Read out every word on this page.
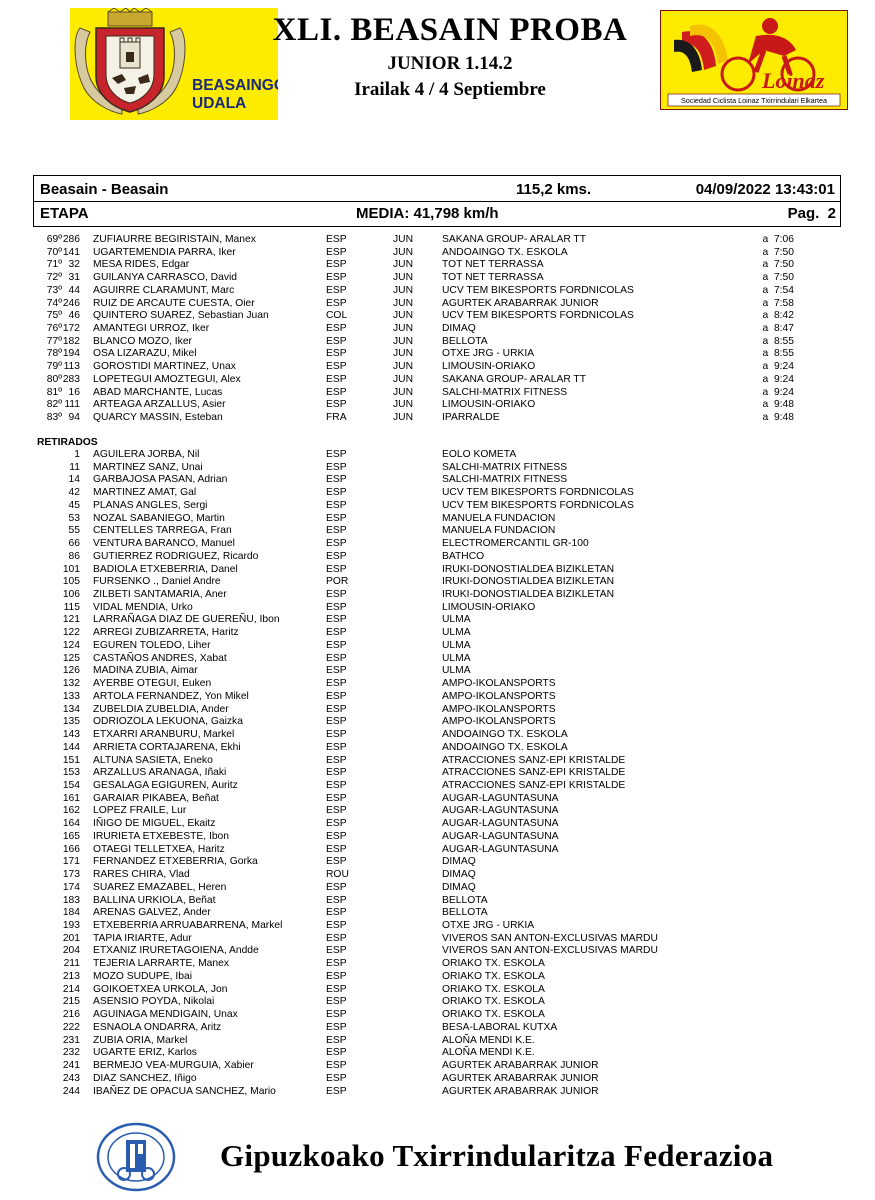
BEASAINGO
UDALA
XLI. BEASAIN PROBA
JUNIOR 1.14.2
Irailak 4 / 4 Septiembre	Loinaz
Sociedad Ciclista Loinaz Txirrindulari Elkartea
Beasain - Beasain	115,2 kms.	04/09/2022 13:43:01
ETAPA	MEDIA: 41,798 km/h	Pag.  2
69º 286 ZUFIAURRE BEGIRISTAIN, Manex	ESP	JUN	SAKANA GROUP- ARALAR TT	a  7:06
70º 141 UGARTEMENDIA PARRA, Iker	ESP	JUN	ANDOAINGO TX. ESKOLA	a  7:50
71º 32 MESA RIDES, Edgar	ESP	JUN	TOT NET TERRASSA	a  7:50
72º 31 GUILANYA CARRASCO, David	ESP	JUN	TOT NET TERRASSA	a  7:50
73º 44 AGUIRRE CLARAMUNT, Marc	ESP	JUN	UCV TEM BIKESPORTS FORDNICOLAS	a  7:54
74º 246 RUIZ DE ARCAUTE CUESTA, Oier	ESP	JUN	AGURTEK ARABARRAK JUNIOR	a  7:58
75º 46 QUINTERO SUAREZ, Sebastian Juan	COL	JUN	UCV TEM BIKESPORTS FORDNICOLAS	a  8:42
76º 172 AMANTEGI URROZ, Iker	ESP	JUN	DIMAQ	a  8:47
77º 182 BLANCO MOZO, Iker	ESP	JUN	BELLOTA	a  8:55
78º 194 OSA LIZARAZU, Mikel	ESP	JUN	OTXE JRG - URKIA	a  8:55
79º 113 GOROSTIDI MARTINEZ, Unax	ESP	JUN	LIMOUSIN-ORIAKO	a  9:24
80º 283 LOPETEGUI AMOZTEGUI, Alex	ESP	JUN	SAKANA GROUP- ARALAR TT	a  9:24
81º 16 ABAD MARCHANTE, Lucas	ESP	JUN	SALCHI-MATRIX FITNESS	a  9:24
82º 111 ARTEAGA ARZALLUS, Asier	ESP	JUN	LIMOUSIN-ORIAKO	a  9:48
83º 94 QUARCY MASSIN, Esteban	FRA	JUN	IPARRALDE	a  9:48
RETIRADOS
1 AGUILERA JORBA, Nil	ESP	EOLO KOMETA
11 MARTINEZ SANZ, Unai	ESP	SALCHI-MATRIX FITNESS
14 GARBAJOSA PASAN, Adrian	ESP	SALCHI-MATRIX FITNESS
42 MARTINEZ AMAT, Gal	ESP	UCV TEM BIKESPORTS FORDNICOLAS
45 PLANAS ANGLES, Sergi	ESP	UCV TEM BIKESPORTS FORDNICOLAS
53 NOZAL SABANIEGO, Martin	ESP	MANUELA FUNDACION
55 CENTELLES TARREGA, Fran	ESP	MANUELA FUNDACION
66 VENTURA BARANCO, Manuel	ESP	ELECTROMERCANTIL GR-100
86 GUTIERREZ RODRIGUEZ, Ricardo	ESP	BATHCO
101 BADIOLA ETXEBERRIA, Danel	ESP	IRUKI-DONOSTIALDEA BIZIKLETAN
105 FURSENKO ., Daniel Andre	POR	IRUKI-DONOSTIALDEA BIZIKLETAN
106 ZILBETI SANTAMARIA, Aner	ESP	IRUKI-DONOSTIALDEA BIZIKLETAN
115 VIDAL MENDIA, Urko	ESP	LIMOUSIN-ORIAKO
121 LARRAÑAGA DIAZ DE GUEREÑU, Ibon	ESP	ULMA
122 ARREGI ZUBIZARRETA, Haritz	ESP	ULMA
124 EGUREN TOLEDO, Liher	ESP	ULMA
125 CASTAÑOS ANDRES, Xabat	ESP	ULMA
126 MADINA ZUBIA, Aimar	ESP	ULMA
132 AYERBE OTEGUI, Euken	ESP	AMPO-IKOLANSPORTS
133 ARTOLA FERNANDEZ, Yon Mikel	ESP	AMPO-IKOLANSPORTS
134 ZUBELDIA ZUBELDIA, Ander	ESP	AMPO-IKOLANSPORTS
135 ODRIOZOLA LEKUONA, Gaizka	ESP	AMPO-IKOLANSPORTS
143 ETXARRI ARANBURU, Markel	ESP	ANDOAINGO TX. ESKOLA
144 ARRIETA CORTAJARENA, Ekhi	ESP	ANDOAINGO TX. ESKOLA
151 ALTUNA SASIETA, Eneko	ESP	ATRACCIONES SANZ-EPI KRISTALDE
153 ARZALLUS ARANAGA, Iñaki	ESP	ATRACCIONES SANZ-EPI KRISTALDE
154 GESALAGA EGIGUREN, Auritz	ESP	ATRACCIONES SANZ-EPI KRISTALDE
161 GARAIAR PIKABEA, Beñat	ESP	AUGAR-LAGUNTASUNA
162 LOPEZ FRAILE, Lur	ESP	AUGAR-LAGUNTASUNA
164 IÑIGO DE MIGUEL, Ekaitz	ESP	AUGAR-LAGUNTASUNA
165 IRURIETA ETXEBESTE, Ibon	ESP	AUGAR-LAGUNTASUNA
166 OTAEGI TELLETXEA, Haritz	ESP	AUGAR-LAGUNTASUNA
171 FERNANDEZ ETXEBERRIA, Gorka	ESP	DIMAQ
173 RARES CHIRA, Vlad	ROU	DIMAQ
174 SUAREZ EMAZABEL, Heren	ESP	DIMAQ
183 BALLINA URKIOLA, Beñat	ESP	BELLOTA
184 ARENAS GALVEZ, Ander	ESP	BELLOTA
193 ETXEBERRIA ARRUABARRENA, Markel	ESP	OTXE JRG - URKIA
201 TAPIA IRIARTE, Adur	ESP	VIVEROS SAN ANTON-EXCLUSIVAS MARDU
204 ETXANIZ IRURETAGOIENA, Andde	ESP	VIVEROS SAN ANTON-EXCLUSIVAS MARDU
211 TEJERIA LARRARTE, Manex	ESP	ORIAKO TX. ESKOLA
213 MOZO SUDUPE, Ibai	ESP	ORIAKO TX. ESKOLA
214 GOIKOETXEA URKOLA, Jon	ESP	ORIAKO TX. ESKOLA
215 ASENSIO POYDA, Nikolai	ESP	ORIAKO TX. ESKOLA
216 AGUINAGA MENDIGAIN, Unax	ESP	ORIAKO TX. ESKOLA
222 ESNAOLA ONDARRA, Aritz	ESP	BESA-LABORAL KUTXA
231 ZUBIA ORIA, Markel	ESP	ALOÑA MENDI K.E.
232 UGARTE ERIZ, Karlos	ESP	ALOÑA MENDI K.E.
241 BERMEJO VEA-MURGUIA, Xabier	ESP	AGURTEK ARABARRAK JUNIOR
243 DIAZ SANCHEZ, Iñigo	ESP	AGURTEK ARABARRAK JUNIOR
244 IBAÑEZ DE OPACUA SANCHEZ, Mario	ESP	AGURTEK ARABARRAK JUNIOR
Gipuzkoako Txirrindularitza Federazioa
